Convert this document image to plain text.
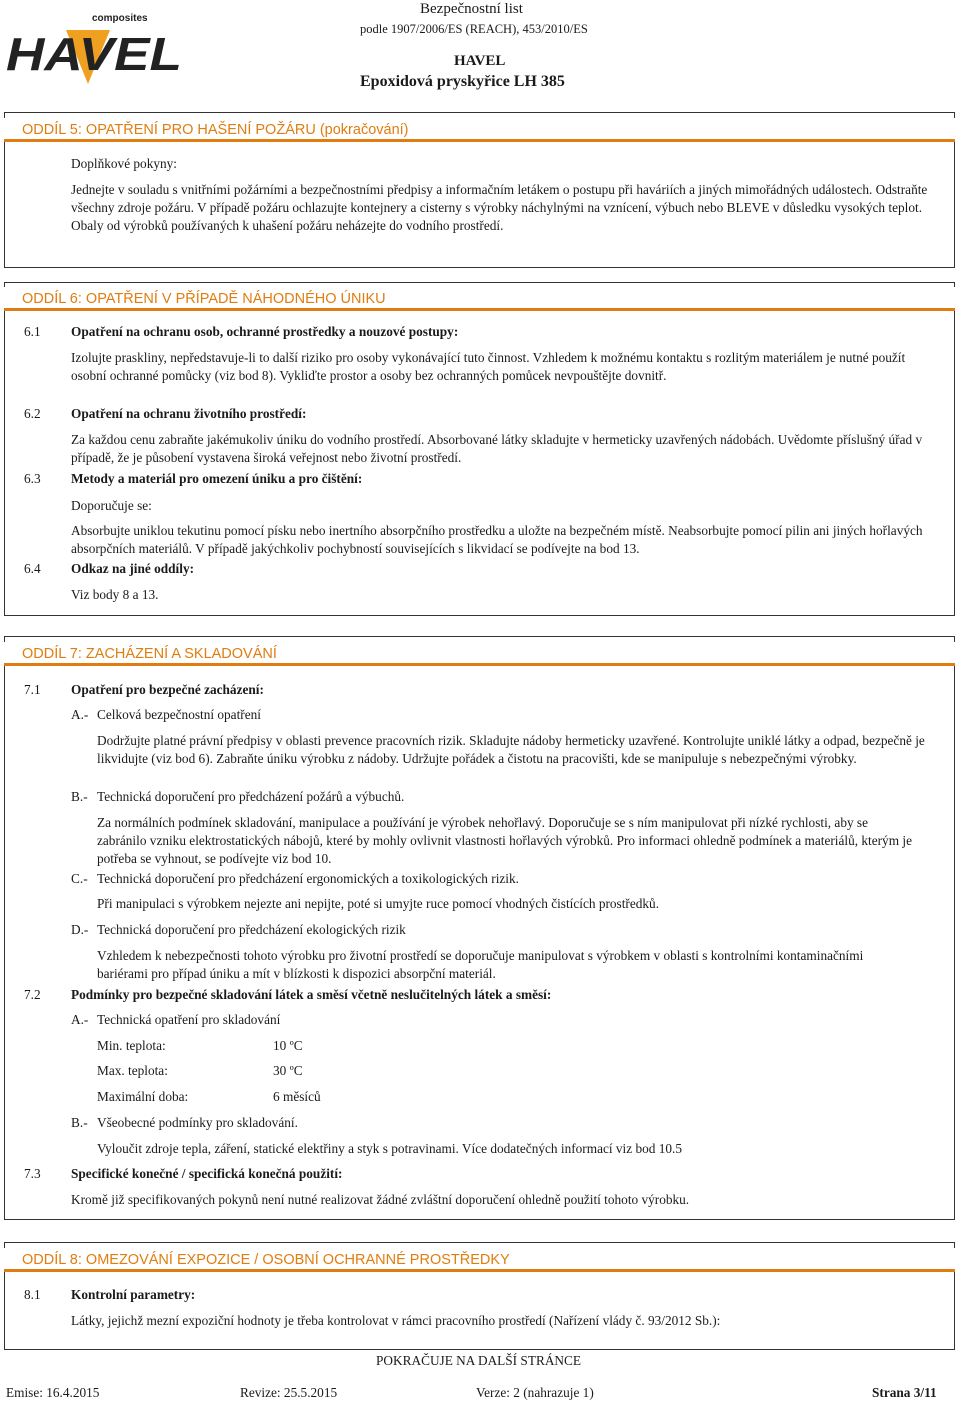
composites
HAVEL
Bezpečnostní list
podle 1907/2006/ES (REACH), 453/2010/ES
HAVEL
Epoxidová pryskyřice LH 385
ODDÍL 5: OPATŘENÍ PRO HAŠENÍ POŽÁRU (pokračování)
Doplňkové pokyny:
Jednejte v souladu s vnitřními požárními a bezpečnostními předpisy a informačním letákem o postupu při haváriích a jiných mimořádných událostech. Odstraňte všechny zdroje požáru. V případě požáru ochlazujte kontejnery a cisterny s výrobky náchylnými na vznícení, výbuch nebo BLEVE v důsledku vysokých teplot. Obaly od výrobků používaných k uhašení požáru neházejte do vodního prostředí.
ODDÍL 6: OPATŘENÍ V PŘÍPADĚ NÁHODNÉHO ÚNIKU
6.1	Opatření na ochranu osob, ochranné prostředky a nouzové postupy:
Izolujte praskliny, nepředstavuje-li to další riziko pro osoby vykonávající tuto činnost. Vzhledem k možnému kontaktu s rozlitým materiálem je nutné použít osobní ochranné pomůcky (viz bod 8). Vykliďte prostor a osoby bez ochranných pomůcek nevpouštějte dovnitř.
6.2	Opatření na ochranu životního prostředí:
Za každou cenu zabraňte jakémukoliv úniku do vodního prostředí. Absorbované látky skladujte v hermeticky uzavřených nádobách. Uvědomte příslušný úřad v případě, že je působení vystavena široká veřejnost nebo životní prostředí.
6.3	Metody a materiál pro omezení úniku a pro čištění:
Doporučuje se:
Absorbujte uniklou tekutinu pomocí písku nebo inertního absorpčního prostředku a uložte na bezpečném místě. Neabsorbujte pomocí pilin ani jiných hořlavých absorpčních materiálů. V případě jakýchkoliv pochybností souvisejících s likvidací se podívejte na bod 13.
6.4	Odkaz na jiné oddíly:
Viz body 8 a 13.
ODDÍL 7: ZACHÁZENÍ A SKLADOVÁNÍ
7.1	Opatření pro bezpečné zacházení:
A.- Celková bezpečnostní opatření
Dodržujte platné právní předpisy v oblasti prevence pracovních rizik. Skladujte nádoby hermeticky uzavřené. Kontrolujte uniklé látky a odpad, bezpečně je likvidujte (viz bod 6). Zabraňte úniku výrobku z nádoby. Udržujte pořádek a čistotu na pracovišti, kde se manipuluje s nebezpečnými výrobky.
B.- Technická doporučení pro předcházení požárů a výbuchů.
Za normálních podmínek skladování, manipulace a používání je výrobek nehořlavý. Doporučuje se s ním manipulovat při nízké rychlosti, aby se zabránilo vzniku elektrostatických nábojů, které by mohly ovlivnit vlastnosti hořlavých výrobků. Pro informaci ohledně podmínek a materiálů, kterým je potřeba se vyhnout, se podívejte viz bod 10.
C.- Technická doporučení pro předcházení ergonomických a toxikologických rizik.
Při manipulaci s výrobkem nejezte ani nepijte, poté si umyjte ruce pomocí vhodných čistících prostředků.
D.- Technická doporučení pro předcházení ekologických rizik
Vzhledem k nebezpečnosti tohoto výrobku pro životní prostředí se doporučuje manipulovat s výrobkem v oblasti s kontrolními kontaminačními bariérami pro případ úniku a mít v blízkosti k dispozici absorpční materiál.
7.2	Podmínky pro bezpečné skladování látek a směsí včetně neslučitelných látek a směsí:
A.- Technická opatření pro skladování
Min. teplota:	10 ºC
Max. teplota:	30 ºC
Maximální doba:	6 měsíců
B.- Všeobecné podmínky pro skladování.
Vyloučit zdroje tepla, záření, statické elektřiny a styk s potravinami. Více dodatečných informací viz bod 10.5
7.3	Specifické konečné / specifická konečná použití:
Kromě již specifikovaných pokynů není nutné realizovat žádné zvláštní doporučení ohledně použití tohoto výrobku.
ODDÍL 8: OMEZOVÁNÍ EXPOZICE / OSOBNÍ OCHRANNÉ PROSTŘEDKY
8.1	Kontrolní parametry:
Látky, jejichž mezní expoziční hodnoty je třeba kontrolovat v rámci pracovního prostředí (Nařízení vlády č. 93/2012 Sb.):
POKRAČUJE NA DALŠÍ STRÁNCE
Emise: 16.4.2015	Revize: 25.5.2015	Verze: 2 (nahrazuje 1)	Strana 3/11
